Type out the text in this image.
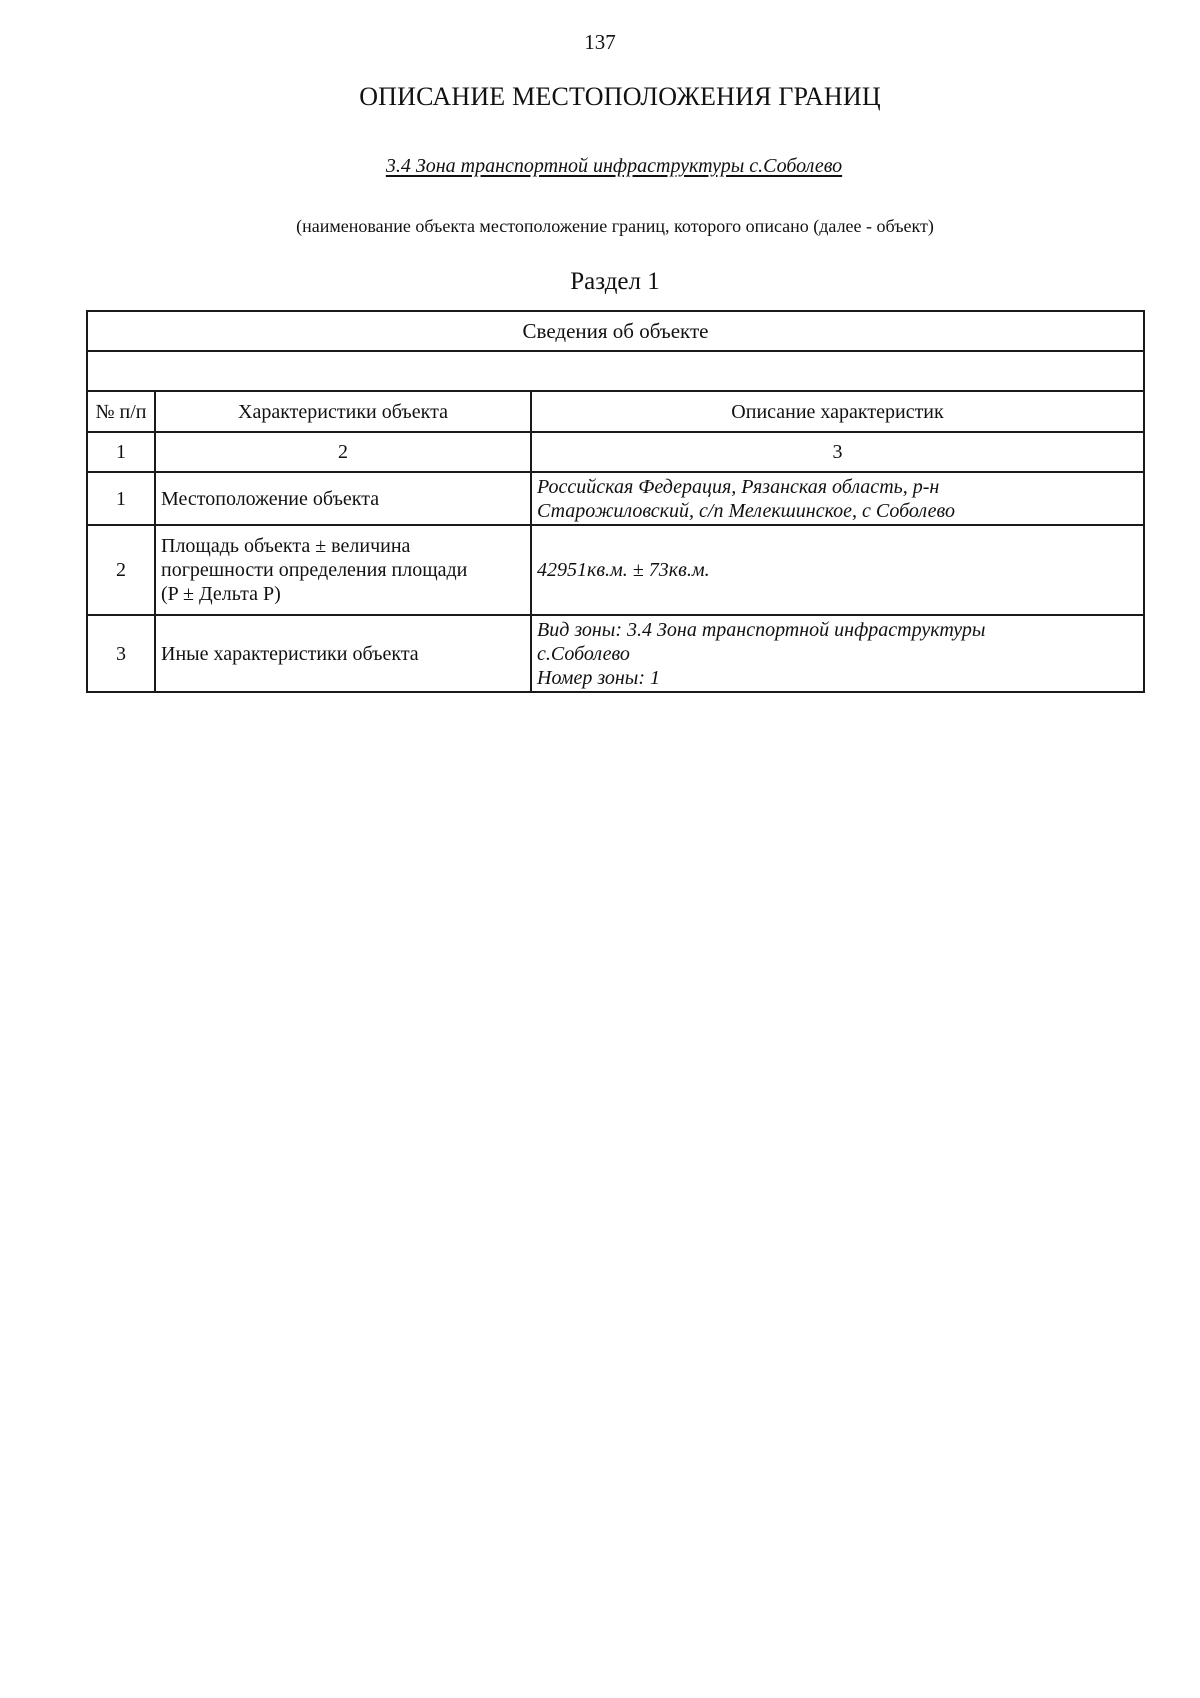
137
ОПИСАНИЕ МЕСТОПОЛОЖЕНИЯ ГРАНИЦ
3.4 Зона транспортной инфраструктуры с.Соболево
(наименование объекта местоположение границ, которого описано (далее - объект)
Раздел 1
Сведения об объекте		

№ п/п	Характеристики объекта	Описание характеристик
1	2	3
1	Местоположение объекта	Российская Федерация, Рязанская область, р-н
Старожиловский, с/п Мелекшинское, с Соболево
2	Площадь объекта ± величина
погрешности определения площади
(P ± Дельта P)	42951кв.м. ± 73кв.м.
3	Иные характеристики объекта	Вид зоны: 3.4 Зона транспортной инфраструктуры
с.Соболево
Номер зоны: 1
